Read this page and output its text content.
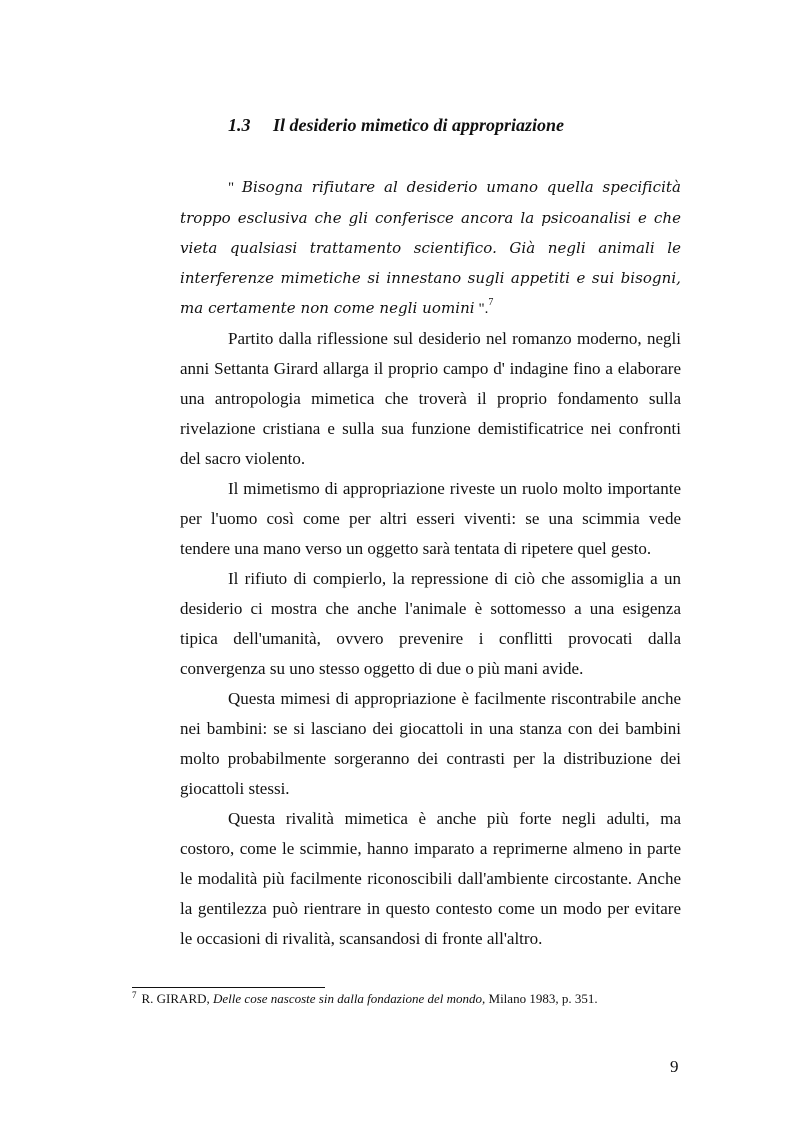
1.3 Il desiderio mimetico di appropriazione

" Bisogna rifiutare al desiderio umano quella specificità troppo esclusiva che gli conferisce ancora la psicoanalisi e che vieta qualsiasi trattamento scientifico. Già negli animali le interferenze mimetiche si innestano sugli appetiti e sui bisogni, ma certamente non come negli uomini ".$^7$

Partito dalla riflessione sul desiderio nel romanzo moderno, negli anni Settanta Girard allarga il proprio campo d' indagine fino a elaborare una antropologia mimetica che troverà il proprio fondamento sulla rivelazione cristiana e sulla sua funzione demistificatrice nei confronti del sacro violento.

Il mimetismo di appropriazione riveste un ruolo molto importante per l'uomo così come per altri esseri viventi: se una scimmia vede tendere una mano verso un oggetto sarà tentata di ripetere quel gesto.

Il rifiuto di compierlo, la repressione di ciò che assomiglia a un desiderio ci mostra che anche l'animale è sottomesso a una esigenza tipica dell'umanità, ovvero prevenire i conflitti provocati dalla convergenza su uno stesso oggetto di due o più mani avide.

Questa mimesi di appropriazione è facilmente riscontrabile anche nei bambini: se si lasciano dei giocattoli in una stanza con dei bambini molto probabilmente sorgeranno dei contrasti per la distribuzione dei giocattoli stessi.

Questa rivalità mimetica è anche più forte negli adulti, ma costoro, come le scimmie, hanno imparato a reprimerne almeno in parte le modalità più facilmente riconoscibili dall'ambiente circostante. Anche la gentilezza può rientrare in questo contesto come un modo per evitare le occasioni di rivalità, scansandosi di fronte all'altro.

$^7$ R. GIRARD, Delle cose nascoste sin dalla fondazione del mondo, Milano 1983, p. 351.
9
